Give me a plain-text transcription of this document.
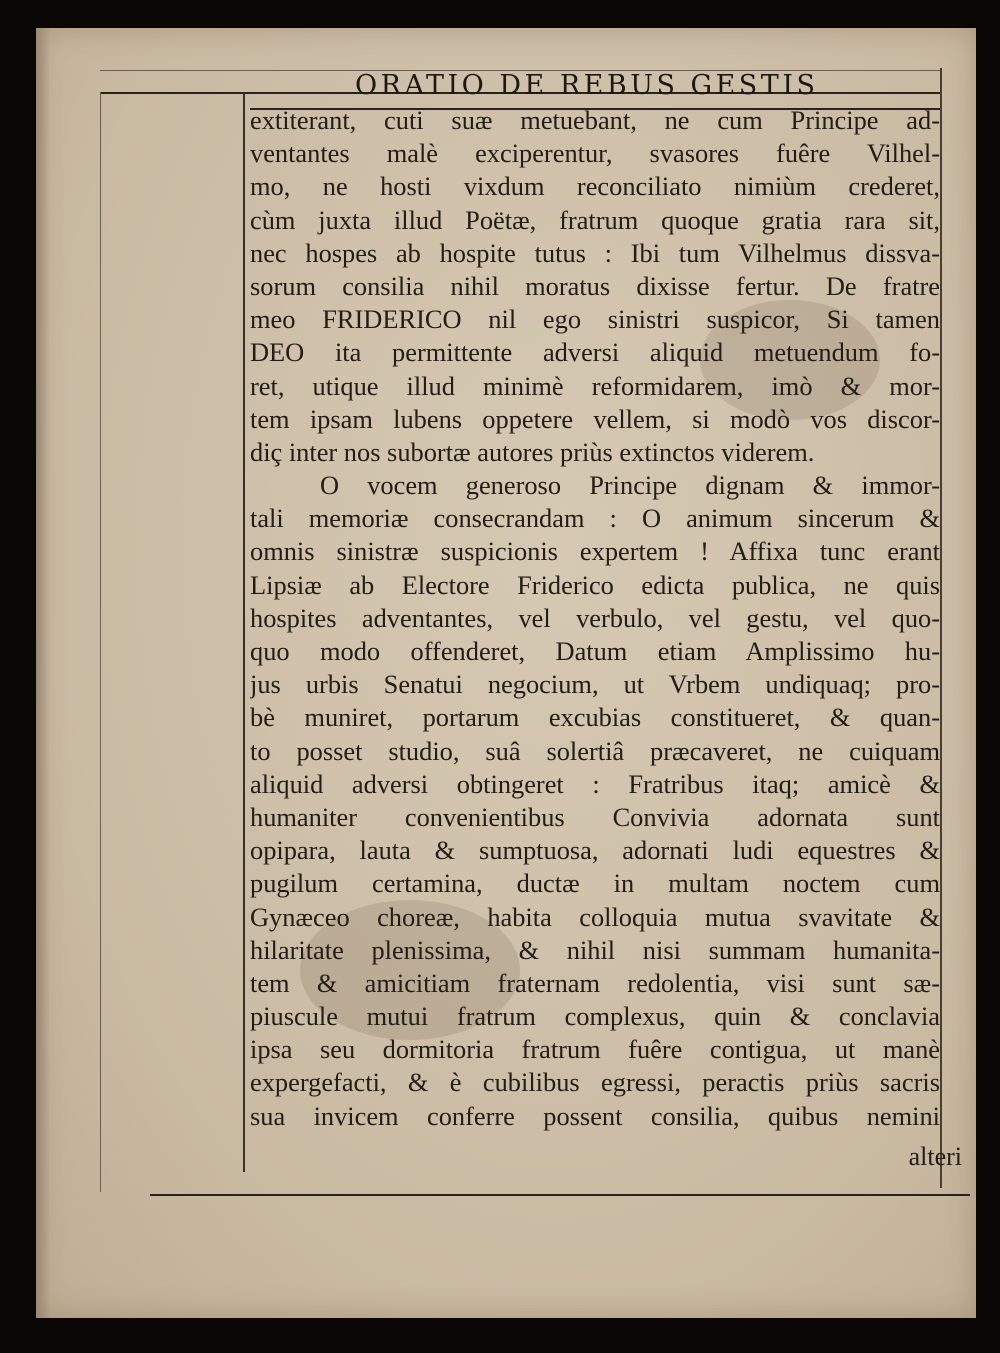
ORATIO DE REBUS GESTIS
extiterant, cuti suæ metuebant, ne cum Principe ad-
ventantes malè exciperentur, svasores fuêre Vilhel-
mo, ne hosti vixdum reconciliato nimiùm crederet,
cùm juxta illud Poëtæ, fratrum quoque gratia rara sit,
nec hospes ab hospite tutus : Ibi tum Vilhelmus dissva-
sorum consilia nihil moratus dixisse fertur. De fratre
meo FRIDERICO nil ego sinistri suspicor, Si tamen
DEO ita permittente adversi aliquid metuendum fo-
ret, utique illud minimè reformidarem, imò & mor-
tem ipsam lubens oppetere vellem, si modò vos discor-
diç inter nos subortæ autores priùs extinctos viderem.
O vocem generoso Principe dignam & immor-
tali memoriæ consecrandam : O animum sincerum &
omnis sinistræ suspicionis expertem ! Affixa tunc erant
Lipsiæ ab Electore Friderico edicta publica, ne quis
hospites adventantes, vel verbulo, vel gestu, vel quo-
quo modo offenderet, Datum etiam Amplissimo hu-
jus urbis Senatui negocium, ut Vrbem undiquaq; pro-
bè muniret, portarum excubias constitueret, & quan-
to posset studio, suâ solertiâ præcaveret, ne cuiquam
aliquid adversi obtingeret : Fratribus itaq; amicè &
humaniter convenientibus Convivia adornata sunt
opipara, lauta & sumptuosa, adornati ludi equestres &
pugilum certamina, ductæ in multam noctem cum
Gynæceo choreæ, habita colloquia mutua svavitate &
hilaritate plenissima, & nihil nisi summam humanita-
tem & amicitiam fraternam redolentia, visi sunt sæ-
piuscule mutui fratrum complexus, quin & conclavia
ipsa seu dormitoria fratrum fuêre contigua, ut manè
expergefacti, & è cubilibus egressi, peractis priùs sacris
sua invicem conferre possent consilia, quibus nemini
alteri
